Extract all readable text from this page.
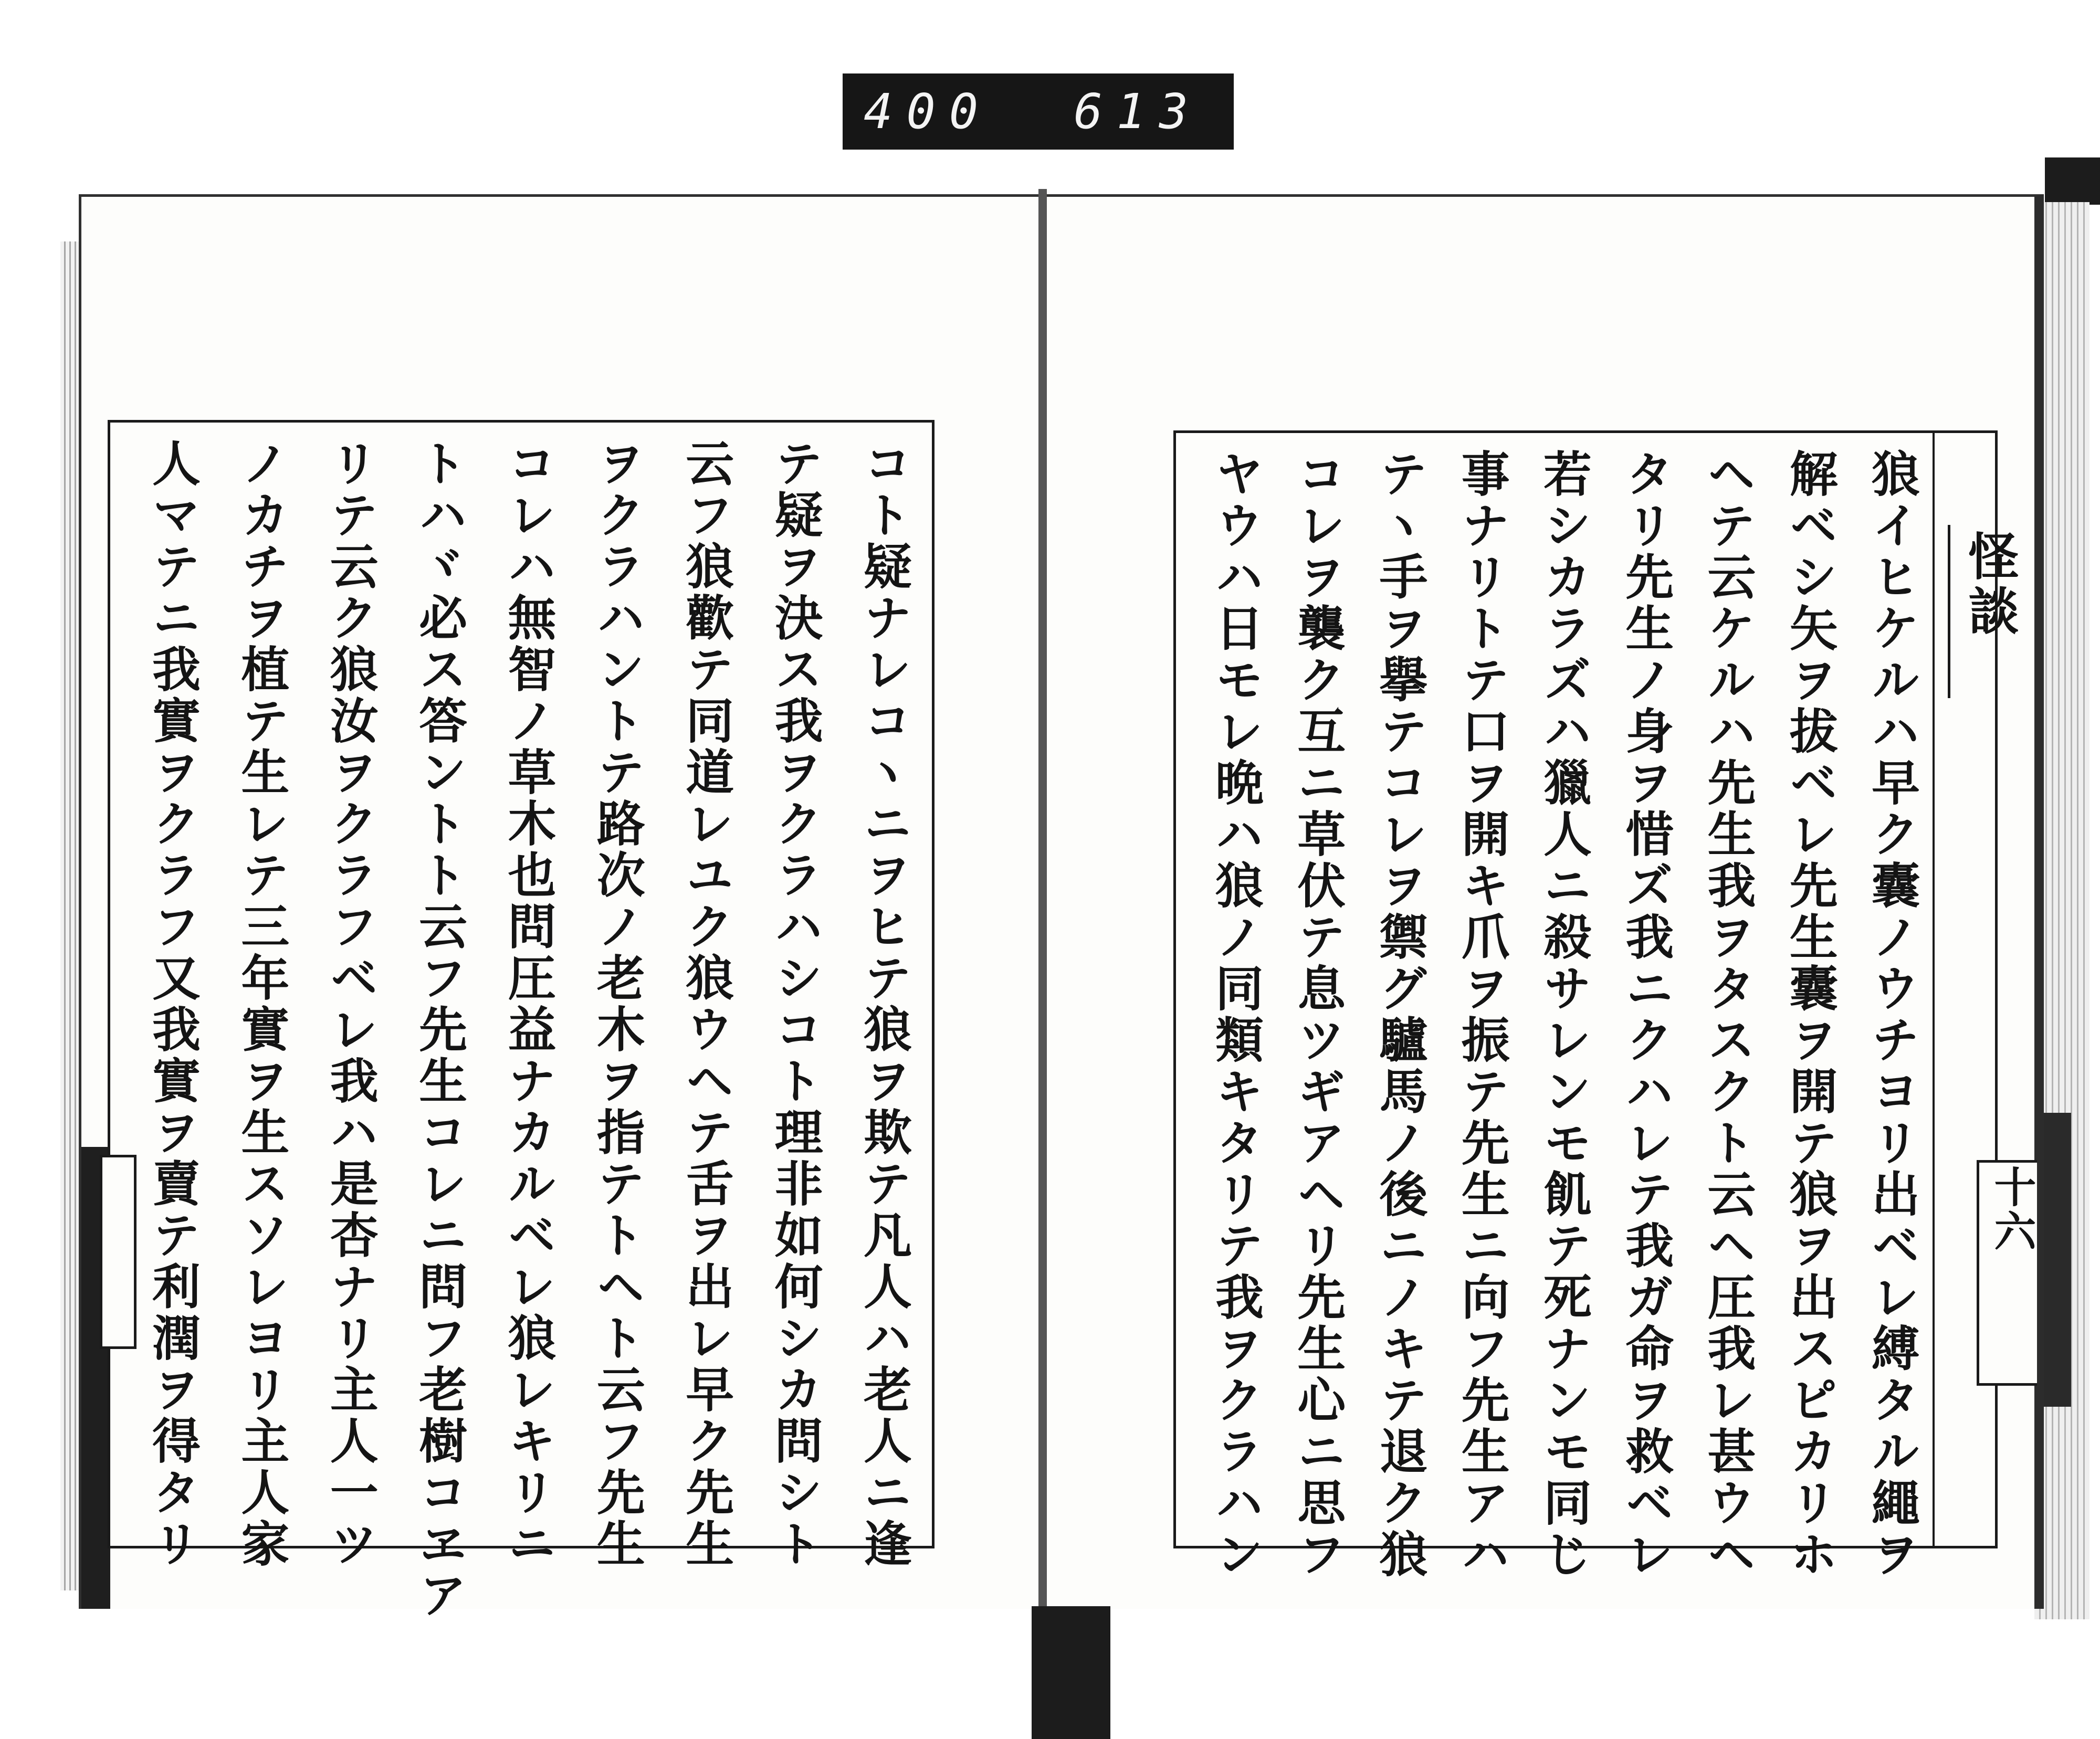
400 613
コト疑ナレコヽニヲヒテ狼ヲ欺テ凡人ハ老人ニ逢
テ疑ヲ決ス我ヲクラハシコト理非如何シカ問シト
云フ狼歡テ同道レユク狼ウヘテ舌ヲ出レ早ク先生
ヲクラハントテ路次ノ老木ヲ指テトヘト云フ先生
コレハ無智ノ草木也問圧益ナカルベレ狼レキリニ
トハヾ必ス答ントト云フ先生コレニ問フ老樹コヱア
リテ云ク狼汝ヲクラフベレ我ハ是杏ナリ主人一ツ
ノカチヲ植テ生レテ三年實ヲ生スソレヨリ主人家
人マテニ我實ヲクラフ又我實ヲ賣テ利潤ヲ得タリ	狼イヒケルハ早ク囊ノウチヨリ出ベレ縛タル繩ヲ
解ベシ矢ヲ拔ベレ先生囊ヲ開テ狼ヲ出スピカリホ
ヘテ云ケルハ先生我ヲタスクト云ヘ圧我レ甚ウヘ
タリ先生ノ身ヲ惜ズ我ニクハレテ我ガ命ヲ救ベレ
若シカラズハ獵人ニ殺サレンモ飢テ死ナンモ同じ
事ナリトテ口ヲ開キ爪ヲ振テ先生ニ向フ先生アハ
テヽ手ヲ擧テコレヲ禦グ驢馬ノ後ニノキテ退ク狼
コレヲ襲ク互ニ草伏テ息ツギアヘリ先生心ニ思フ
ヤウハ日モレ晩ハ狼ノ同類キタリテ我ヲクラハン	怪談
十六
